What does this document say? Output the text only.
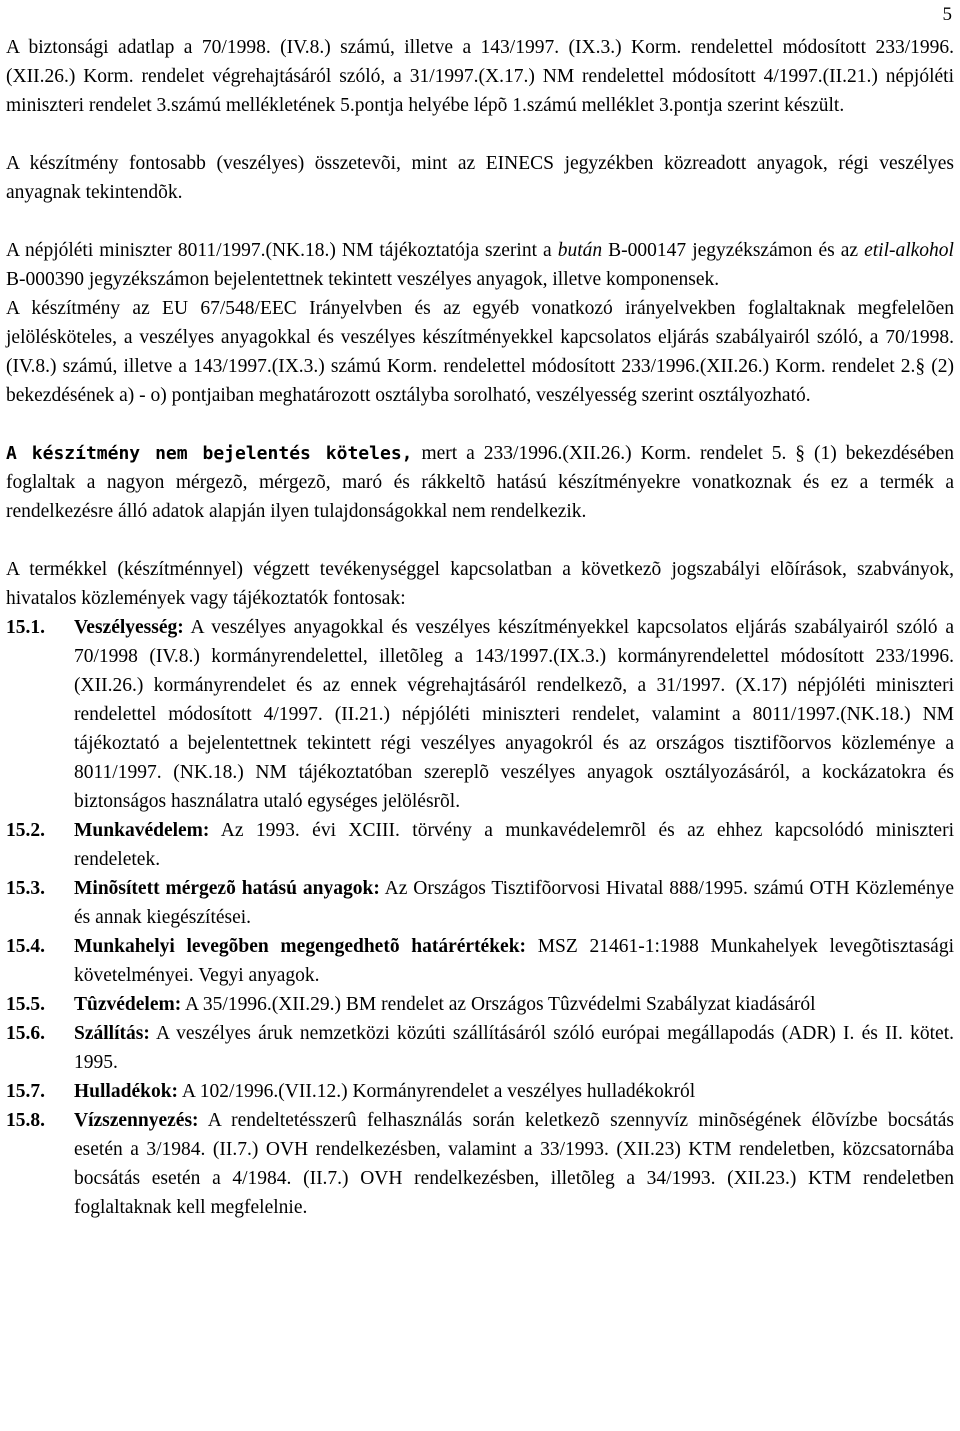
5

A biztonsági adatlap a 70/1998. (IV.8.) számú, illetve a 143/1997. (IX.3.) Korm. rendelettel módosított 233/1996. (XII.26.) Korm. rendelet végrehajtásáról szóló, a 31/1997.(X.17.) NM rendelettel módosított 4/1997.(II.21.) népjóléti miniszteri rendelet 3.számú mellékletének 5.pontja helyébe lépõ 1.számú melléklet 3.pontja szerint készült.

A készítmény fontosabb (veszélyes) összetevõi, mint az EINECS jegyzékben közreadott anyagok, régi veszélyes anyagnak tekintendõk.

A népjóléti miniszter 8011/1997.(NK.18.) NM tájékoztatója szerint a bután B-000147 jegyzékszámon és az etil-alkohol B-000390 jegyzékszámon bejelentettnek tekintett veszélyes anyagok, illetve komponensek.

A készítmény az EU 67/548/EEC Irányelvben és az egyéb vonatkozó irányelvekben foglaltaknak megfelelõen jelölésköteles, a veszélyes anyagokkal és veszélyes készítményekkel kapcsolatos eljárás szabályairól szóló, a 70/1998. (IV.8.) számú, illetve a 143/1997.(IX.3.) számú Korm. rendelettel módosított 233/1996.(XII.26.) Korm. rendelet 2.§ (2) bekezdésének a) - o) pontjaiban meghatározott osztályba sorolható, veszélyesség szerint osztályozható.

A készítmény nem bejelentés köteles, mert a 233/1996.(XII.26.) Korm. rendelet 5. § (1) bekezdésében foglaltak a nagyon mérgezõ, mérgezõ, maró és rákkeltõ hatású készítményekre vonatkoznak és ez a termék a rendelkezésre álló adatok alapján ilyen tulajdonságokkal nem rendelkezik.

A termékkel (készítménnyel) végzett tevékenységgel kapcsolatban a következõ jogszabályi elõírások, szabványok, hivatalos közlemények vagy tájékoztatók fontosak:

15.1.	Veszélyesség: A veszélyes anyagokkal és veszélyes készítményekkel kapcsolatos eljárás szabályairól szóló a 70/1998 (IV.8.) kormányrendelettel, illetõleg a 143/1997.(IX.3.) kormányrendelettel módosított 233/1996. (XII.26.) kormányrendelet és az ennek végrehajtásáról rendelkezõ, a 31/1997. (X.17) népjóléti miniszteri rendelettel módosított 4/1997. (II.21.) népjóléti miniszteri rendelet, valamint a 8011/1997.(NK.18.) NM tájékoztató a bejelentettnek tekintett régi veszélyes anyagokról és az országos tisztifõorvos közleménye a 8011/1997. (NK.18.) NM tájékoztatóban szereplõ veszélyes anyagok osztályozásáról, a kockázatokra és biztonságos használatra utaló egységes jelölésrõl.
15.2.	Munkavédelem: Az 1993. évi XCIII. törvény a munkavédelemrõl és az ehhez kapcsolódó miniszteri rendeletek.
15.3.	Minõsített mérgezõ hatású anyagok: Az Országos Tisztifõorvosi Hivatal 888/1995. számú OTH Közleménye és annak kiegészítései.
15.4.	Munkahelyi levegõben megengedhetõ határértékek: MSZ 21461-1:1988 Munkahelyek levegõtisztasági követelményei. Vegyi anyagok.
15.5.	Tûzvédelem: A 35/1996.(XII.29.) BM rendelet az Országos Tûzvédelmi Szabályzat kiadásáról
15.6.	Szállítás: A veszélyes áruk nemzetközi közúti szállításáról szóló európai megállapodás (ADR) I. és II. kötet. 1995.
15.7.	Hulladékok: A 102/1996.(VII.12.) Kormányrendelet a veszélyes hulladékokról
15.8.	Vízszennyezés: A rendeltetésszerû felhasználás során keletkezõ szennyvíz minõségének élõvízbe bocsátás esetén a 3/1984. (II.7.) OVH rendelkezésben, valamint a 33/1993. (XII.23) KTM rendeletben, közcsatornába bocsátás esetén a 4/1984. (II.7.) OVH rendelkezésben, illetõleg a 34/1993. (XII.23.) KTM rendeletben foglaltaknak kell megfelelnie.
